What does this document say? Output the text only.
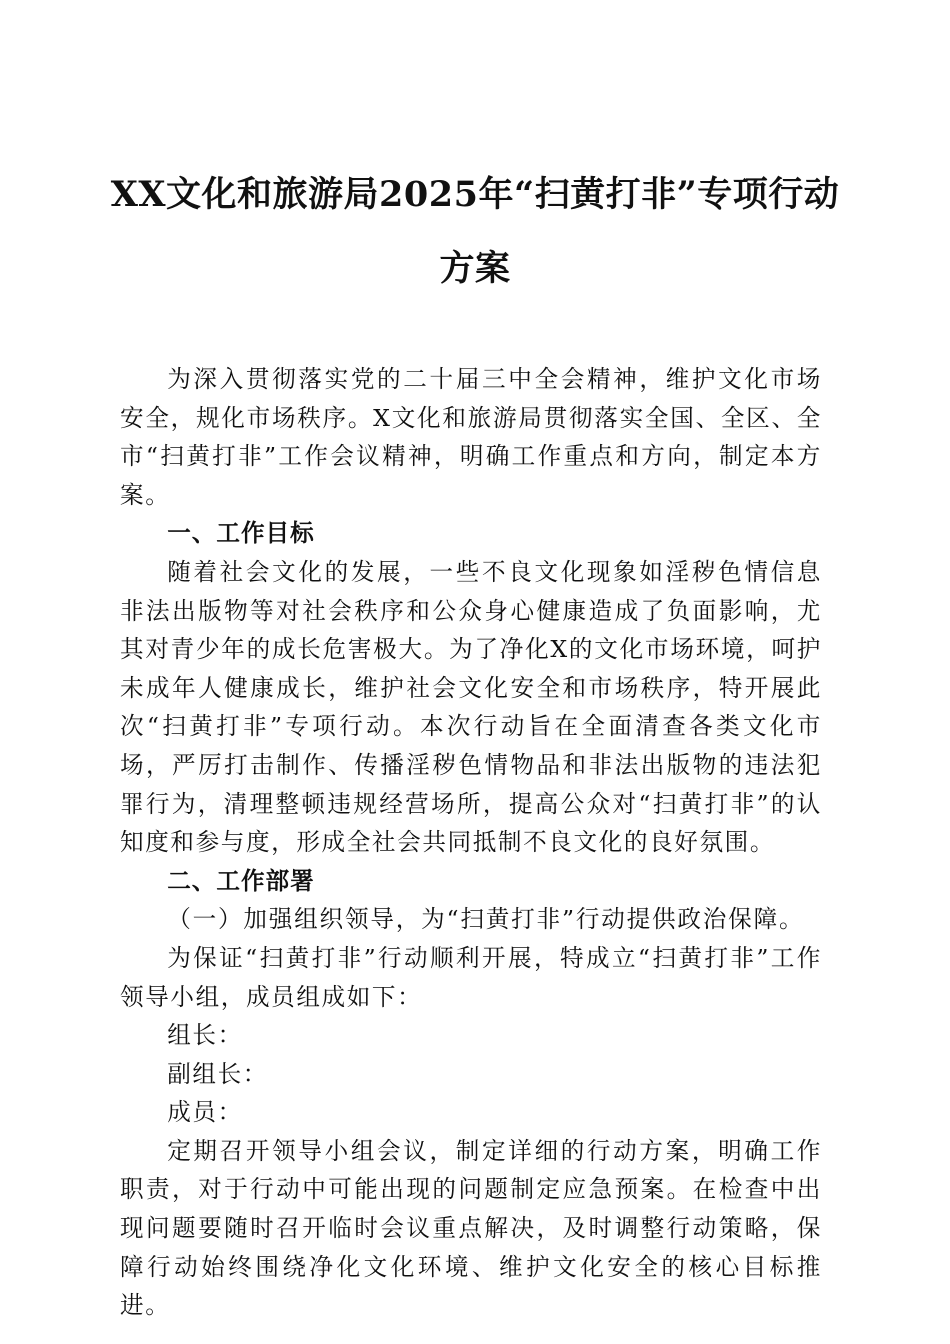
XX文化和旅游局2025年“扫黄打非”专项行动方案

为深入贯彻落实党的二十届三中全会精神，维护文化市场安全，规化市场秩序。X文化和旅游局贯彻落实全国、全区、全市“扫黄打非”工作会议精神，明确工作重点和方向，制定本方案。

一、工作目标

随着社会文化的发展，一些不良文化现象如淫秽色情信息非法出版物等对社会秩序和公众身心健康造成了负面影响，尤其对青少年的成长危害极大。为了净化X的文化市场环境，呵护未成年人健康成长，维护社会文化安全和市场秩序，特开展此次“扫黄打非”专项行动。本次行动旨在全面清查各类文化市场，严厉打击制作、传播淫秽色情物品和非法出版物的违法犯罪行为，清理整顿违规经营场所，提高公众对“扫黄打非”的认知度和参与度，形成全社会共同抵制不良文化的良好氛围。

二、工作部署

（一）加强组织领导，为“扫黄打非”行动提供政治保障。

为保证“扫黄打非”行动顺利开展，特成立“扫黄打非”工作领导小组，成员组成如下：

组长：

副组长：

成员：

定期召开领导小组会议，制定详细的行动方案，明确工作职责，对于行动中可能出现的问题制定应急预案。在检查中出现问题要随时召开临时会议重点解决，及时调整行动策略，保障行动始终围绕净化文化环境、维护文化安全的核心目标推进。
